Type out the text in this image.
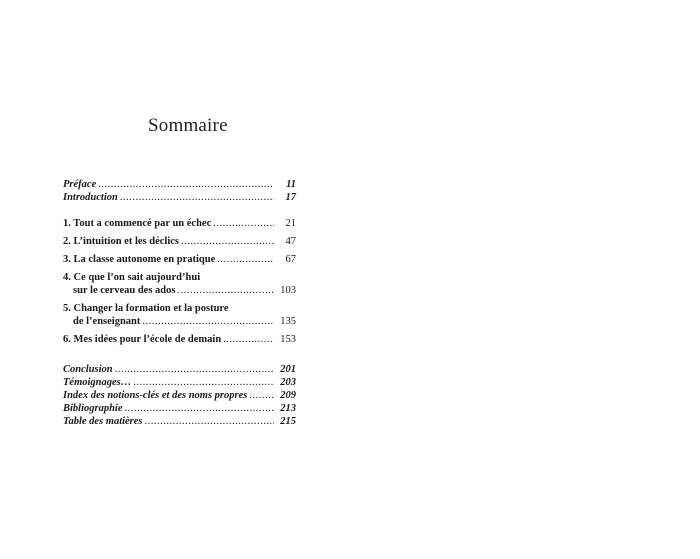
Sommaire
Préface .....	11
Introduction .....	17
1. Tout a commencé par un échec .....	21
2. L’intuition et les déclics .....	47
3. La classe autonome en pratique .....	67
4. Ce que l’on sait aujourd’hui
sur le cerveau des ados .....	103
5. Changer la formation et la posture
de l’enseignant .....	135
6. Mes idées pour l’école de demain .....	153
Conclusion .....	201
Témoignages… .....	203
Index des notions-clés et des noms propres .....	209
Bibliographie .....	213
Table des matières .....	215
